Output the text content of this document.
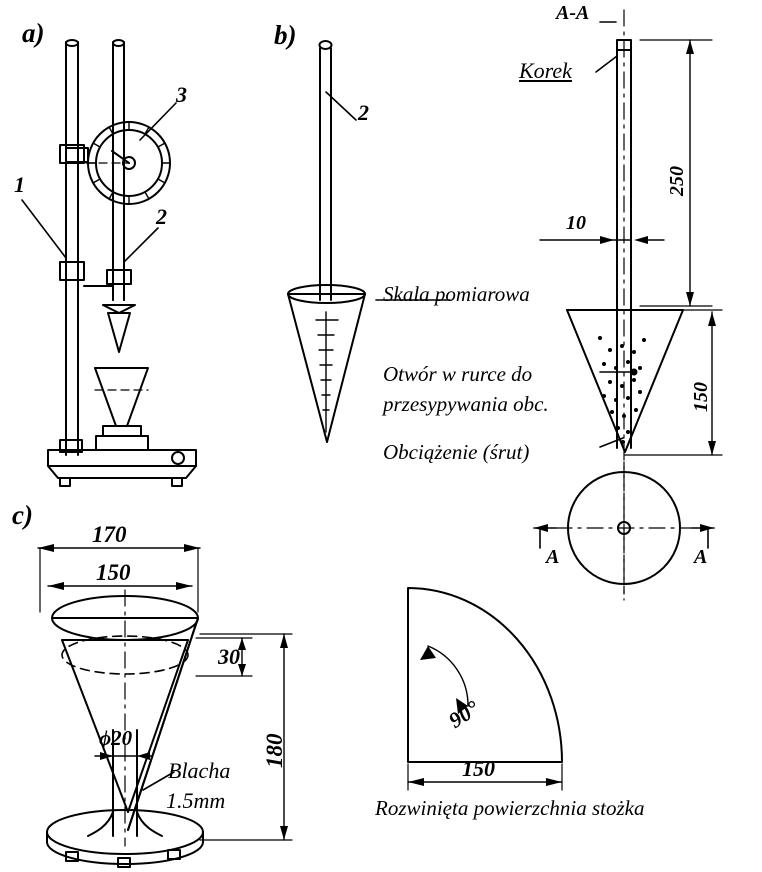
a)	b)
c)
1
2
3
2
A-A
A	A
Korek
Skala pomiarowa
Otwór w rurce do
przesypywania obc.
Obciążenie (śrut)
250
150
10
170
150
30
180
ϕ20
Blacha
1.5mm
90°
150
Rozwinięta powierzchnia stożka
